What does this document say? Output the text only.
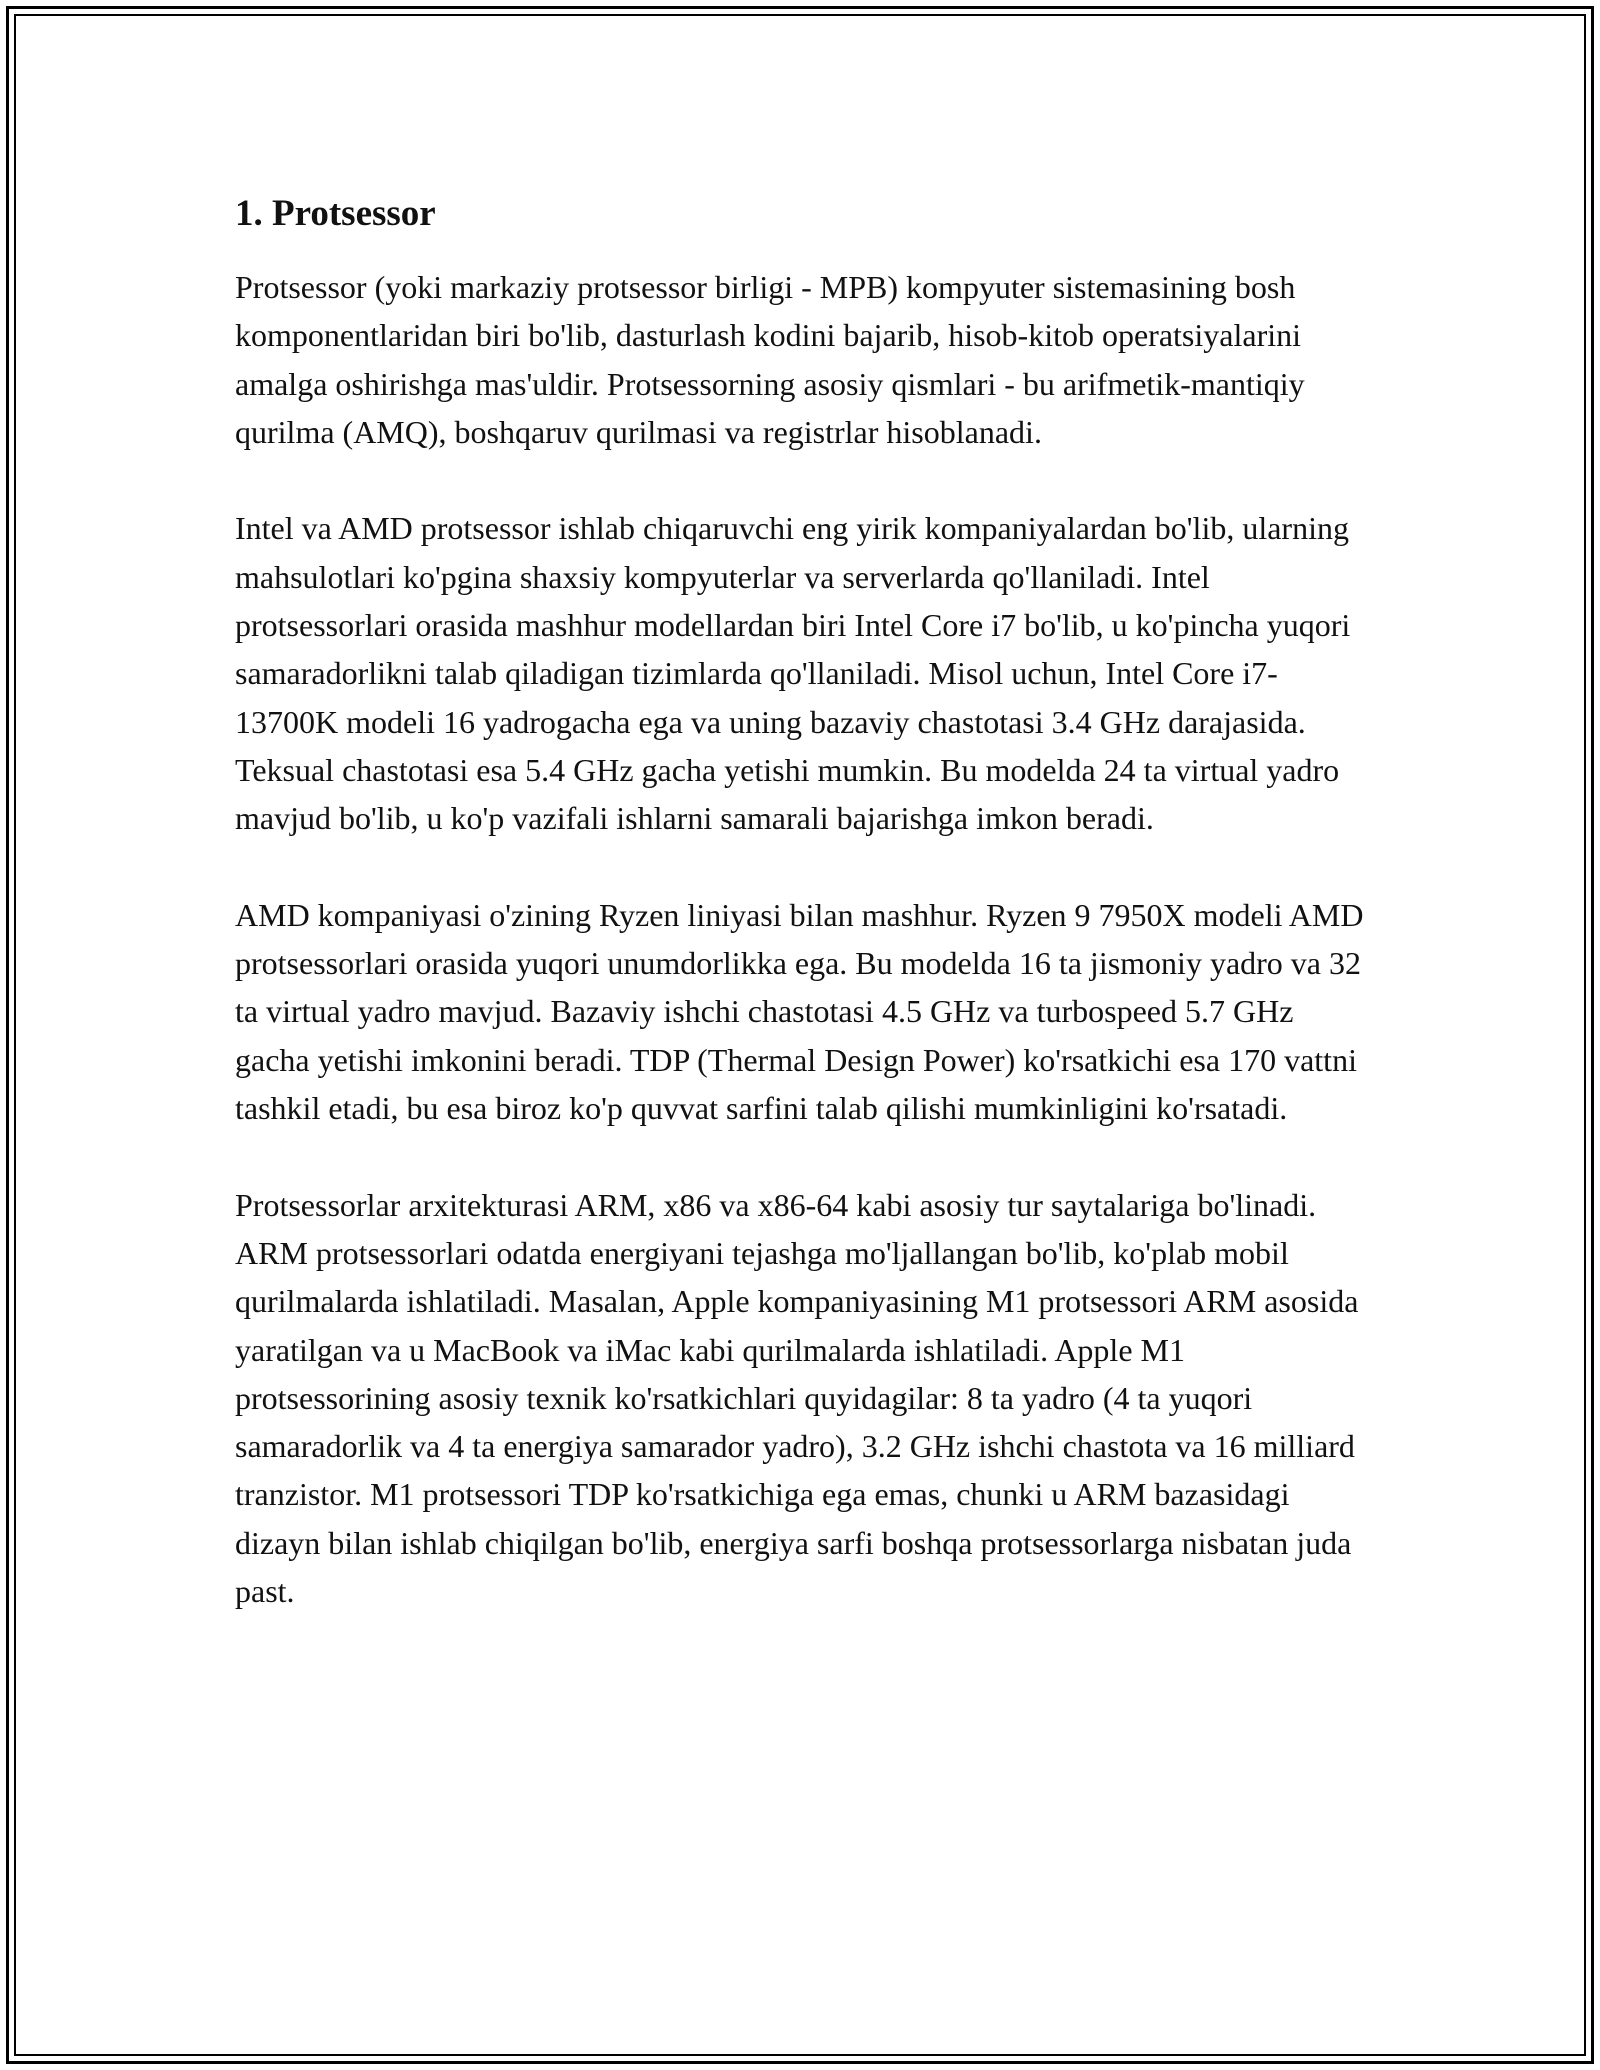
1. Protsessor

Protsessor (yoki markaziy protsessor birligi - MPB) kompyuter sistemasining bosh komponentlaridan biri bo'lib, dasturlash kodini bajarib, hisob-kitob operatsiyalarini amalga oshirishga mas'uldir. Protsessorning asosiy qismlari - bu arifmetik-mantiqiy qurilma (AMQ), boshqaruv qurilmasi va registrlar hisoblanadi.

Intel va AMD protsessor ishlab chiqaruvchi eng yirik kompaniyalardan bo'lib, ularning mahsulotlari ko'pgina shaxsiy kompyuterlar va serverlarda qo'llaniladi. Intel protsessorlari orasida mashhur modellardan biri Intel Core i7 bo'lib, u ko'pincha yuqori samaradorlikni talab qiladigan tizimlarda qo'llaniladi. Misol uchun, Intel Core i7-13700K modeli 16 yadrogacha ega va uning bazaviy chastotasi 3.4 GHz darajasida. Teksual chastotasi esa 5.4 GHz gacha yetishi mumkin. Bu modelda 24 ta virtual yadro mavjud bo'lib, u ko'p vazifali ishlarni samarali bajarishga imkon beradi.

AMD kompaniyasi o'zining Ryzen liniyasi bilan mashhur. Ryzen 9 7950X modeli AMD protsessorlari orasida yuqori unumdorlikka ega. Bu modelda 16 ta jismoniy yadro va 32 ta virtual yadro mavjud. Bazaviy ishchi chastotasi 4.5 GHz va turbospeed 5.7 GHz gacha yetishi imkonini beradi. TDP (Thermal Design Power) ko'rsatkichi esa 170 vattni tashkil etadi, bu esa biroz ko'p quvvat sarfini talab qilishi mumkinligini ko'rsatadi.

Protsessorlar arxitekturasi ARM, x86 va x86-64 kabi asosiy tur saytalariga bo'linadi. ARM protsessorlari odatda energiyani tejashga mo'ljallangan bo'lib, ko'plab mobil qurilmalarda ishlatiladi. Masalan, Apple kompaniyasining M1 protsessori ARM asosida yaratilgan va u MacBook va iMac kabi qurilmalarda ishlatiladi. Apple M1 protsessorining asosiy texnik ko'rsatkichlari quyidagilar: 8 ta yadro (4 ta yuqori samaradorlik va 4 ta energiya samarador yadro), 3.2 GHz ishchi chastota va 16 milliard tranzistor. M1 protsessori TDP ko'rsatkichiga ega emas, chunki u ARM bazasidagi dizayn bilan ishlab chiqilgan bo'lib, energiya sarfi boshqa protsessorlarga nisbatan juda past.
